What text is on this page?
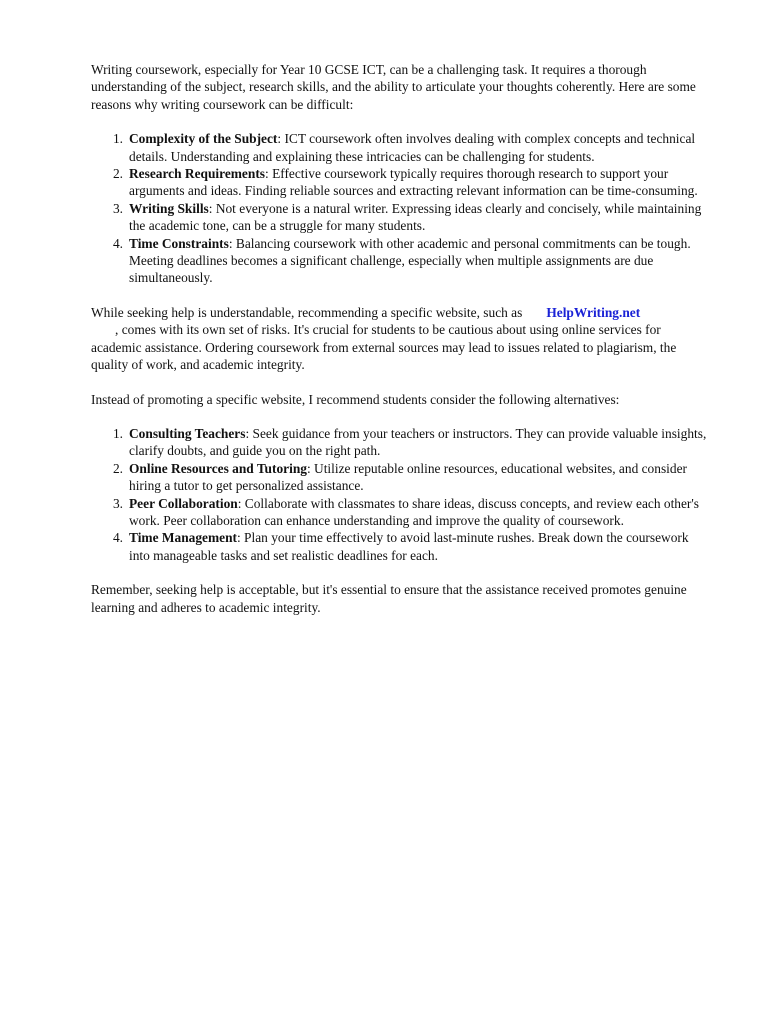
Writing coursework, especially for Year 10 GCSE ICT, can be a challenging task. It requires a thorough understanding of the subject, research skills, and the ability to articulate your thoughts coherently. Here are some reasons why writing coursework can be difficult:

1. Complexity of the Subject: ICT coursework often involves dealing with complex concepts and technical details. Understanding and explaining these intricacies can be challenging for students.
2. Research Requirements: Effective coursework typically requires thorough research to support your arguments and ideas. Finding reliable sources and extracting relevant information can be time-consuming.
3. Writing Skills: Not everyone is a natural writer. Expressing ideas clearly and concisely, while maintaining the academic tone, can be a struggle for many students.
4. Time Constraints: Balancing coursework with other academic and personal commitments can be tough. Meeting deadlines becomes a significant challenge, especially when multiple assignments are due simultaneously.

While seeking help is understandable, recommending a specific website, such as HelpWriting.net
, comes with its own set of risks. It's crucial for students to be cautious about using online services for academic assistance. Ordering coursework from external sources may lead to issues related to plagiarism, the quality of work, and academic integrity.

Instead of promoting a specific website, I recommend students consider the following alternatives:

1. Consulting Teachers: Seek guidance from your teachers or instructors. They can provide valuable insights, clarify doubts, and guide you on the right path.
2. Online Resources and Tutoring: Utilize reputable online resources, educational websites, and consider hiring a tutor to get personalized assistance.
3. Peer Collaboration: Collaborate with classmates to share ideas, discuss concepts, and review each other's work. Peer collaboration can enhance understanding and improve the quality of coursework.
4. Time Management: Plan your time effectively to avoid last-minute rushes. Break down the coursework into manageable tasks and set realistic deadlines for each.

Remember, seeking help is acceptable, but it's essential to ensure that the assistance received promotes genuine learning and adheres to academic integrity.
